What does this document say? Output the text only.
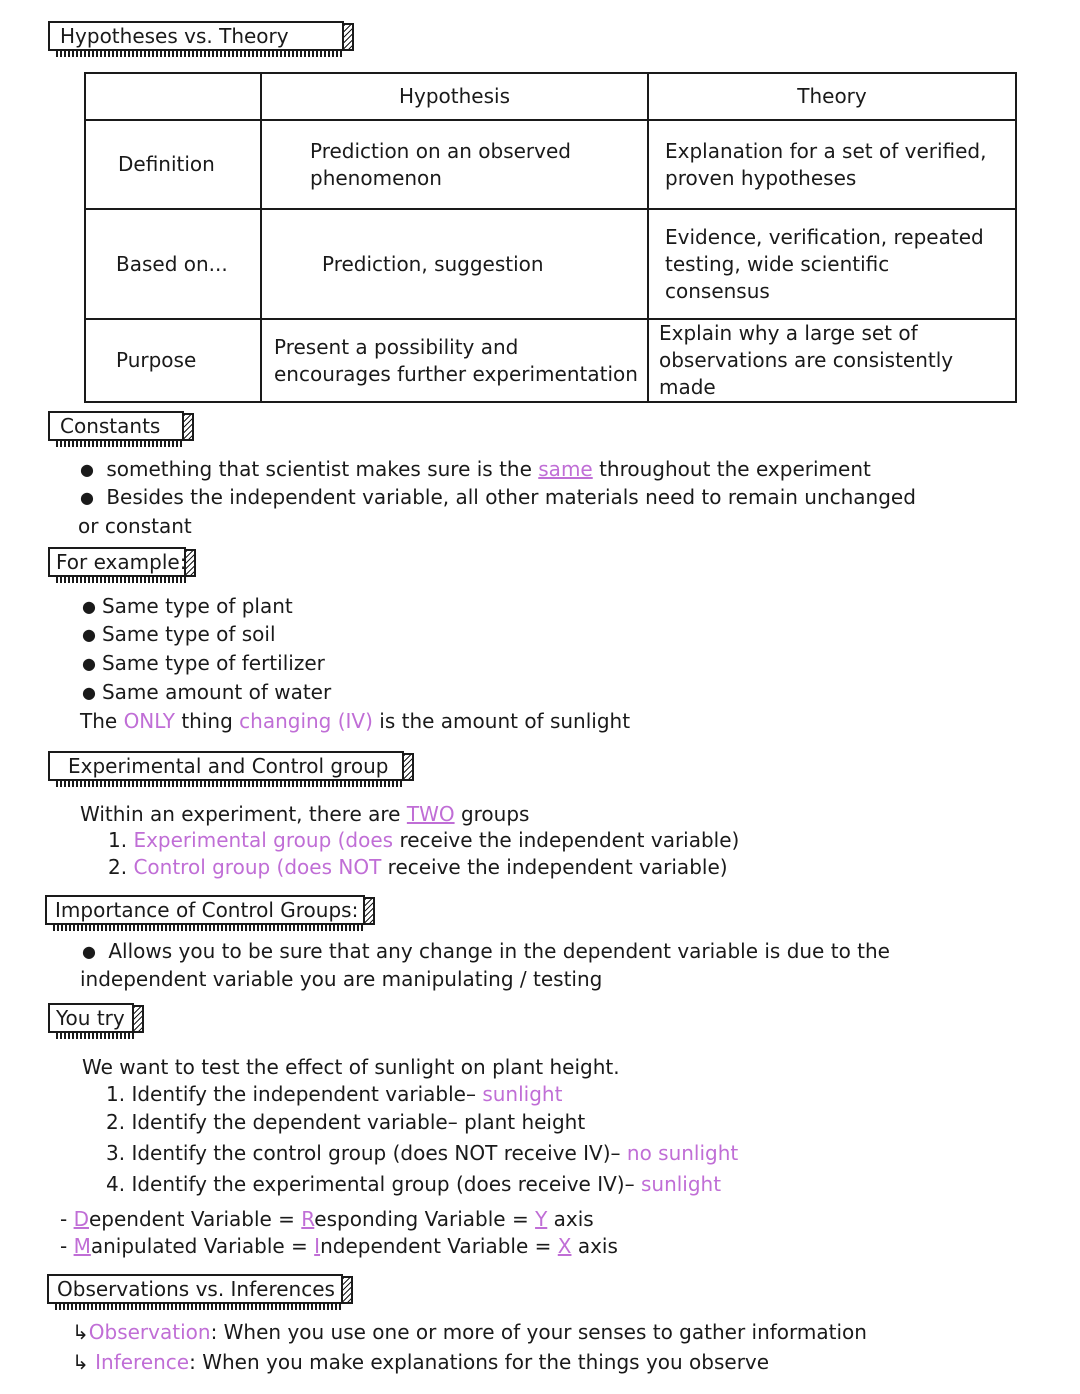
Hypotheses vs. Theory
	Hypothesis	Theory
Definition	Prediction on an observed phenomenon	Explanation for a set of verified, proven hypotheses
Based on...	Prediction, suggestion	Evidence, verification, repeated testing, wide scientific consensus
Purpose	Present a possibility and encourages further experimentation	Explain why a large set of observations are consistently made
Constants
● something that scientist makes sure is the same throughout the experiment
● Besides the independent variable, all other materials need to remain unchanged
or constant
For example:
● Same type of plant
● Same type of soil
● Same type of fertilizer
● Same amount of water
The ONLY thing changing (IV) is the amount of sunlight
Experimental and Control group
Within an experiment, there are TWO groups
1. Experimental group (does receive the independent variable)
2. Control group (does NOT receive the independent variable)
Importance of Control Groups:
● Allows you to be sure that any change in the dependent variable is due to the
independent variable you are manipulating / testing
You try
We want to test the effect of sunlight on plant height.
1. Identify the independent variable– sunlight
2. Identify the dependent variable– plant height
3. Identify the control group (does NOT receive IV)– no sunlight
4. Identify the experimental group (does receive IV)– sunlight
- Dependent Variable = Responding Variable = Y axis
- Manipulated Variable = Independent Variable = X axis
Observations vs. Inferences
↳Observation: When you use one or more of your senses to gather information
↳ Inference: When you make explanations for the things you observe
